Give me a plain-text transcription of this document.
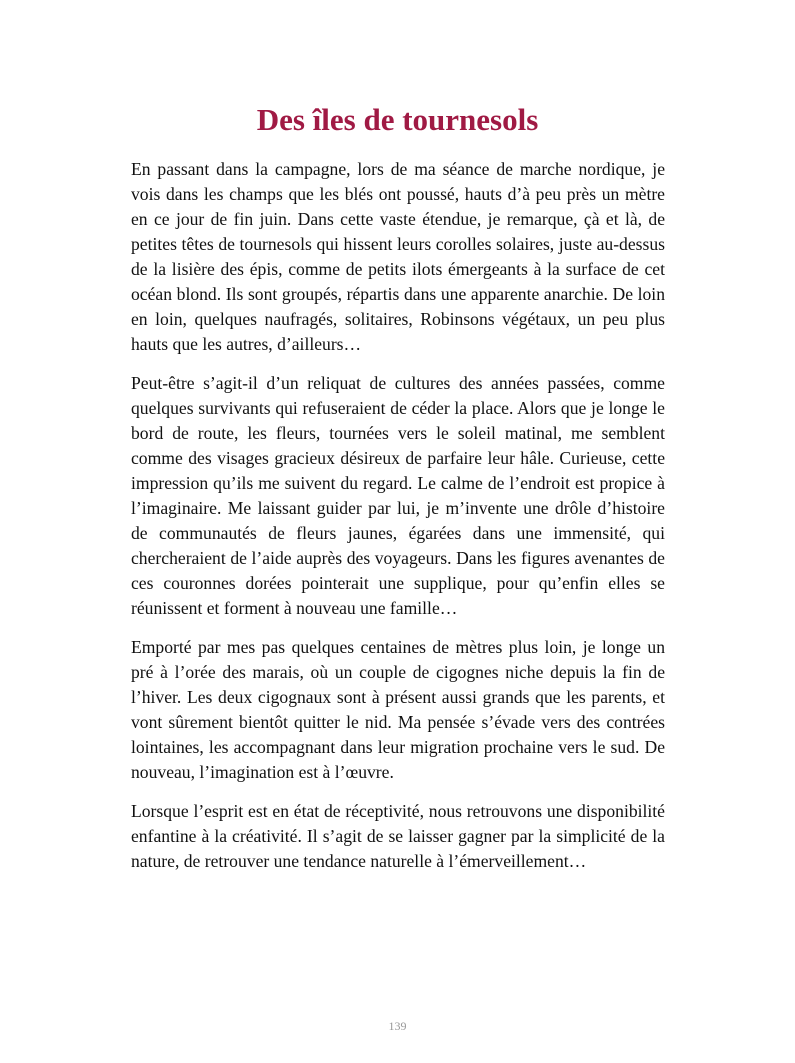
Des îles de tournesols

En passant dans la campagne, lors de ma séance de marche nordique, je vois dans les champs que les blés ont poussé, hauts d’à peu près un mètre en ce jour de fin juin. Dans cette vaste étendue, je remarque, çà et là, de petites têtes de tournesols qui hissent leurs corolles solaires, juste au-dessus de la lisière des épis, comme de petits ilots émergeants à la surface de cet océan blond. Ils sont groupés, répartis dans une apparente anarchie. De loin en loin, quelques naufragés, solitaires, Robinsons végétaux, un peu plus hauts que les autres, d’ailleurs…

Peut-être s’agit-il d’un reliquat de cultures des années passées, comme quelques survivants qui refuseraient de céder la place. Alors que je longe le bord de route, les fleurs, tournées vers le soleil matinal, me semblent comme des visages gracieux désireux de parfaire leur hâle. Curieuse, cette impression qu’ils me suivent du regard. Le calme de l’endroit est propice à l’imaginaire. Me laissant guider par lui, je m’invente une drôle d’histoire de communautés de fleurs jaunes, égarées dans une immensité, qui chercheraient de l’aide auprès des voyageurs. Dans les figures avenantes de ces couronnes dorées pointerait une supplique, pour qu’enfin elles se réunissent et forment à nouveau une famille…

Emporté par mes pas quelques centaines de mètres plus loin, je longe un pré à l’orée des marais, où un couple de cigognes niche depuis la fin de l’hiver. Les deux cigognaux sont à présent aussi grands que les parents, et vont sûrement bientôt quitter le nid. Ma pensée s’évade vers des contrées lointaines, les accompagnant dans leur migration prochaine vers le sud. De nouveau, l’imagination est à l’œuvre.

Lorsque l’esprit est en état de réceptivité, nous retrouvons une disponibilité enfantine à la créativité. Il s’agit de se laisser gagner par la simplicité de la nature, de retrouver une tendance naturelle à l’émerveillement…

139
